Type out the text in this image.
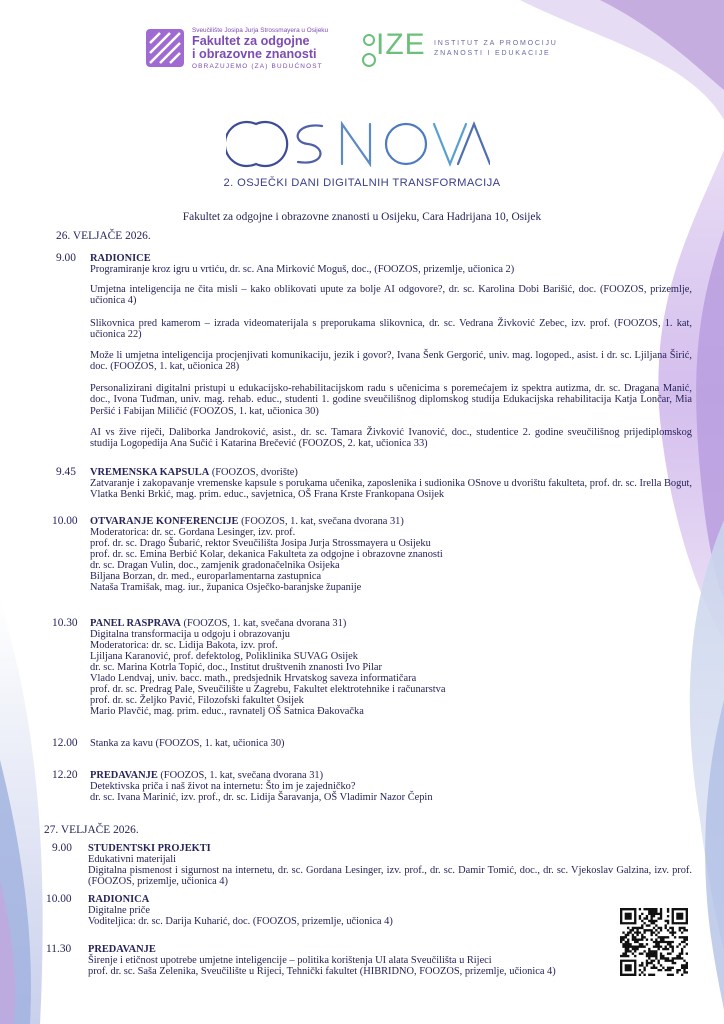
Sveučilište Josipa Jurja Strossmayera u Osijeku
Fakultet za odgojne
i obrazovne znanosti
OBRAZUJEMO (ZA) BUDUĆNOST
IZE INSTITUT ZA PROMOCIJU
ZNANOSTI I EDUKACIJE
2. OSJEČKI DANI DIGITALNIH TRANSFORMACIJA
Fakultet za odgojne i obrazovne znanosti u Osijeku, Cara Hadrijana 10, Osijek
26. VELJAČE 2026.
9.00 RADIONICE
Programiranje kroz igru u vrtiću, dr. sc. Ana Mirković Moguš, doc., (FOOZOS, prizemlje, učionica 2)
Umjetna inteligencija ne čita misli – kako oblikovati upute za bolje AI odgovore?, dr. sc. Karolina Dobi Barišić, doc. (FOOZOS, prizemlje, učionica 4)
Slikovnica pred kamerom – izrada videomaterijala s preporukama slikovnica, dr. sc. Vedrana Živković Zebec, izv. prof. (FOOZOS, 1. kat, učionica 22)
Može li umjetna inteligencija procjenjivati komunikaciju, jezik i govor?, Ivana Šenk Gergorić, univ. mag. logoped., asist. i dr. sc. Ljiljana Širić, doc. (FOOZOS, 1. kat, učionica 28)
Personalizirani digitalni pristupi u edukacijsko-rehabilitacijskom radu s učenicima s poremećajem iz spektra autizma, dr. sc. Dragana Manić, doc., Ivona Tuđman, univ. mag. rehab. educ., studenti 1. godine sveučilišnog diplomskog studija Edukacijska rehabilitacija Katja Lončar, Mia Peršić i Fabijan Miličić (FOOZOS, 1. kat, učionica 30)
AI vs žive riječi, Daliborka Jandroković, asist., dr. sc. Tamara Živković Ivanović, doc., studentice 2. godine sveučilišnog prijediplomskog studija Logopedija Ana Sučić i Katarina Brečević (FOOZOS, 2. kat, učionica 33)
9.45 VREMENSKA KAPSULA (FOOZOS, dvorište)
Zatvaranje i zakopavanje vremenske kapsule s porukama učenika, zaposlenika i sudionika OSnove u dvorištu fakulteta, prof. dr. sc. Irella Bogut, Vlatka Benki Brkić, mag. prim. educ., savjetnica, OŠ Frana Krste Frankopana Osijek
10.00 OTVARANJE KONFERENCIJE (FOOZOS, 1. kat, svečana dvorana 31)
Moderatorica: dr. sc. Gordana Lesinger, izv. prof.
prof. dr. sc. Drago Šubarić, rektor Sveučilišta Josipa Jurja Strossmayera u Osijeku
prof. dr. sc. Emina Berbić Kolar, dekanica Fakulteta za odgojne i obrazovne znanosti
dr. sc. Dragan Vulin, doc., zamjenik gradonačelnika Osijeka
Biljana Borzan, dr. med., europarlamentarna zastupnica
Nataša Tramišak, mag. iur., županica Osječko-baranjske županije
10.30 PANEL RASPRAVA (FOOZOS, 1. kat, svečana dvorana 31)
Digitalna transformacija u odgoju i obrazovanju
Moderatorica: dr. sc. Lidija Bakota, izv. prof.
Ljiljana Karanović, prof. defektolog, Poliklinika SUVAG Osijek
dr. sc. Marina Kotrla Topić, doc., Institut društvenih znanosti Ivo Pilar
Vlado Lendvaj, univ. bacc. math., predsjednik Hrvatskog saveza informatičara
prof. dr. sc. Predrag Pale, Sveučilište u Zagrebu, Fakultet elektrotehnike i računarstva
prof. dr. sc. Željko Pavić, Filozofski fakultet Osijek
Mario Plavčić, mag. prim. educ., ravnatelj OŠ Satnica Đakovačka
12.00 Stanka za kavu (FOOZOS, 1. kat, učionica 30)
12.20 PREDAVANJE (FOOZOS, 1. kat, svečana dvorana 31)
Detektivska priča i naš život na internetu: Što im je zajedničko?
dr. sc. Ivana Marinić, izv. prof., dr. sc. Lidija Šaravanja, OŠ Vladimir Nazor Čepin
27. VELJAČE 2026.
9.00 STUDENTSKI PROJEKTI
Edukativni materijali
Digitalna pismenost i sigurnost na internetu, dr. sc. Gordana Lesinger, izv. prof., dr. sc. Damir Tomić, doc., dr. sc. Vjekoslav Galzina, izv. prof. (FOOZOS, prizemlje, učionica 4)
10.00 RADIONICA
Digitalne priče
Voditeljica: dr. sc. Darija Kuharić, doc. (FOOZOS, prizemlje, učionica 4)
11.30 PREDAVANJE
Širenje i etičnost upotrebe umjetne inteligencije – politika korištenja UI alata Sveučilišta u Rijeci
prof. dr. sc. Saša Zelenika, Sveučilište u Rijeci, Tehnički fakultet (HIBRIDNO, FOOZOS, prizemlje, učionica 4)
